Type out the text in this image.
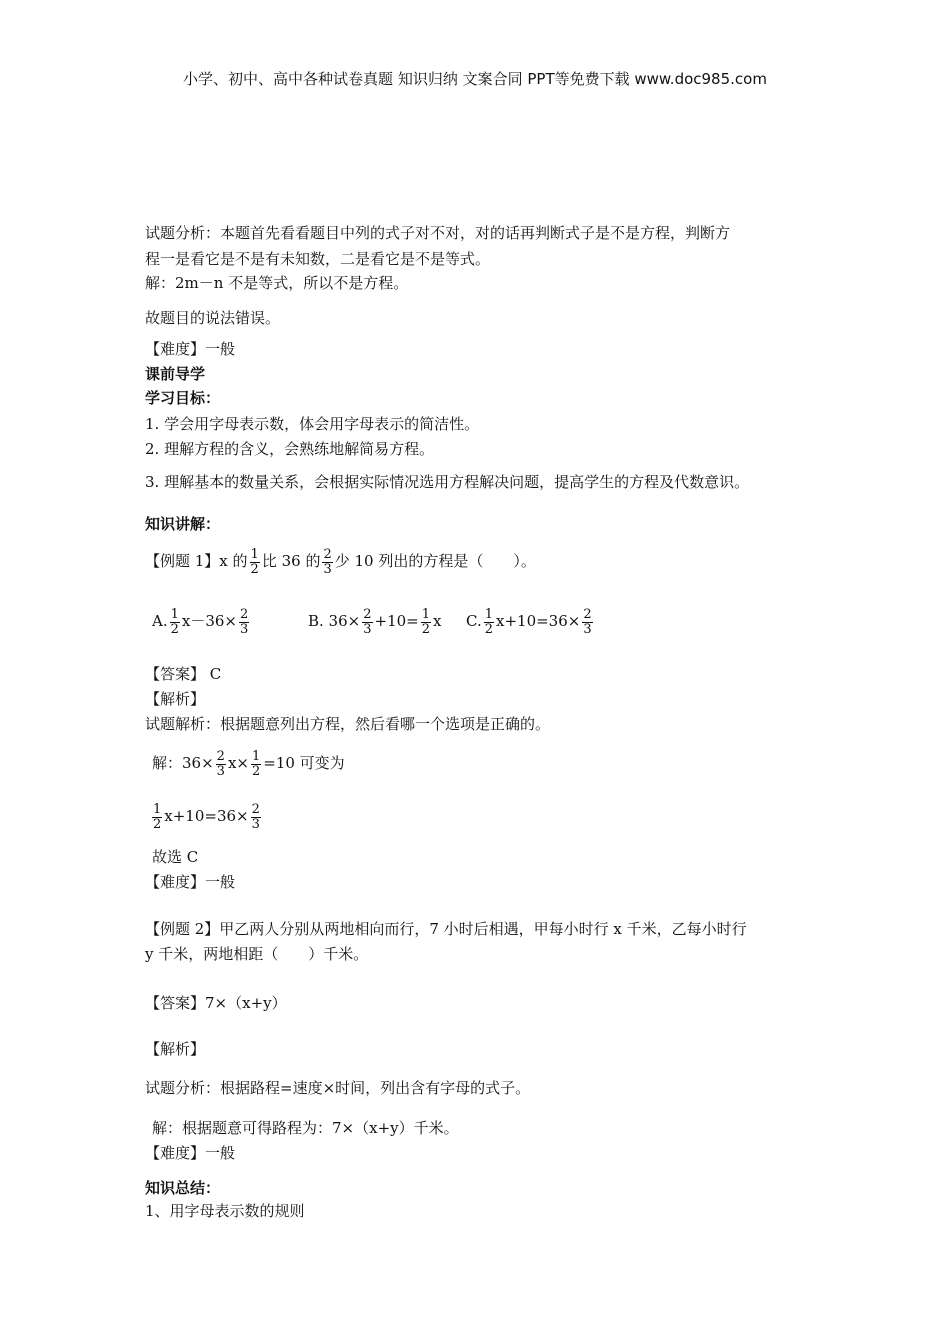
小学、初中、高中各种试卷真题 知识归纳 文案合同 PPT等免费下载 www.doc985.com
试题分析：本题首先看看题目中列的式子对不对，对的话再判断式子是不是方程，判断方
程一是看它是不是有未知数，二是看它是不是等式。
解：2m－n 不是等式，所以不是方程。
故题目的说法错误。
【难度】一般
课前导学
学习目标：
1. 学会用字母表示数，体会用字母表示的简洁性。
2. 理解方程的含义，会熟练地解简易方程。
3. 理解基本的数量关系，会根据实际情况选用方程解决问题，提高学生的方程及代数意识。
知识讲解：
【例题 1】x 的 $\frac{1}{2}$ 比 36 的 $\frac{2}{3}$ 少 10 列出的方程是（　　）。
A. $\frac{1}{2} x-36\times \frac{2}{3}$	B. $36\times \frac{2}{3} +10= \frac{1}{2}$ x C. $\frac{1}{2} x+10=36\times \frac{2}{3}$
【答案】 C
【解析】
试题解析：根据题意列出方程，然后看哪一个选项是正确的。
解：$36\times \frac{2}{3} x\times \frac{1}{2} =10$ 可变为
$\frac{1}{2} x+10=36\times \frac{2}{3}$
故选 C
【难度】一般
【例题 2】甲乙两人分别从两地相向而行，7 小时后相遇，甲每小时行 x 千米，乙每小时行
y 千米，两地相距（　　）千米。
【答案】7×（x+y）
【解析】
试题分析：根据路程=速度×时间，列出含有字母的式子。
解：根据题意可得路程为：7×（x+y）千米。
【难度】一般
知识总结：
1、用字母表示数的规则
